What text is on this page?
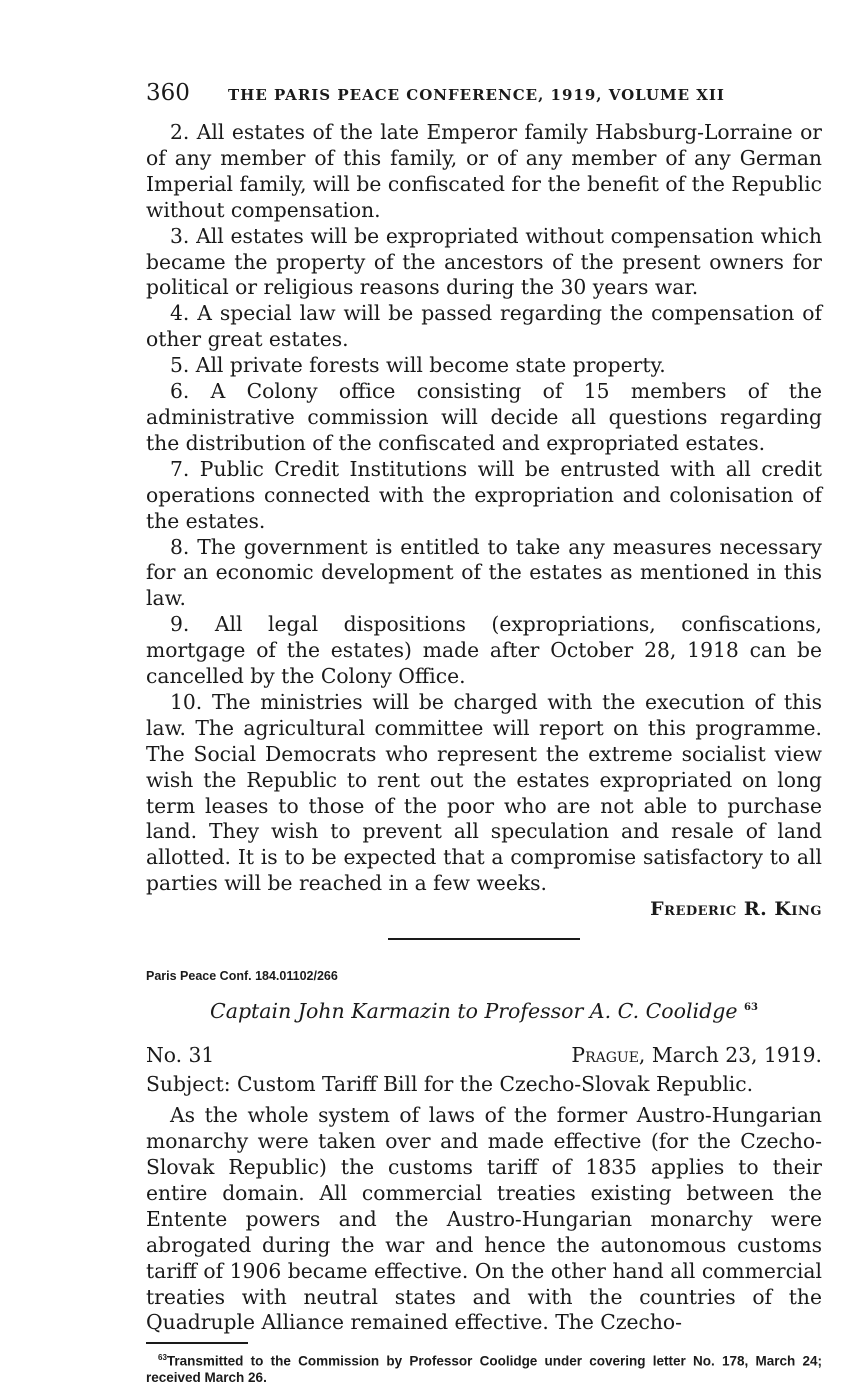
360	THE PARIS PEACE CONFERENCE, 1919, VOLUME XII

2. All estates of the late Emperor family Habsburg-Lorraine or of any member of this family, or of any member of any German Imperial family, will be confiscated for the benefit of the Republic without compensation.

3. All estates will be expropriated without compensation which became the property of the ancestors of the present owners for political or religious reasons during the 30 years war.

4. A special law will be passed regarding the compensation of other great estates.

5. All private forests will become state property.

6. A Colony office consisting of 15 members of the administrative commission will decide all questions regarding the distribution of the confiscated and expropriated estates.

7. Public Credit Institutions will be entrusted with all credit operations connected with the expropriation and colonisation of the estates.

8. The government is entitled to take any measures necessary for an economic development of the estates as mentioned in this law.

9. All legal dispositions (expropriations, confiscations, mortgage of the estates) made after October 28, 1918 can be cancelled by the Colony Office.

10. The ministries will be charged with the execution of this law. The agricultural committee will report on this programme. The Social Democrats who represent the extreme socialist view wish the Republic to rent out the estates expropriated on long term leases to those of the poor who are not able to purchase land. They wish to prevent all speculation and resale of land allotted. It is to be expected that a compromise satisfactory to all parties will be reached in a few weeks.

Frederic R. King
Paris Peace Conf. 184.01102/266
Captain John Karmazin to Professor A. C. Coolidge $^{63}$
No. 31	Prague, March 23, 1919.
Subject: Custom Tariff Bill for the Czecho-Slovak Republic.

As the whole system of laws of the former Austro-Hungarian monarchy were taken over and made effective (for the Czecho-Slovak Republic) the customs tariff of 1835 applies to their entire domain. All commercial treaties existing between the Entente powers and the Austro-Hungarian monarchy were abrogated during the war and hence the autonomous customs tariff of 1906 became effective. On the other hand all commercial treaties with neutral states and with the countries of the Quadruple Alliance remained effective. The Czecho-

$^{63}$Transmitted to the Commission by Professor Coolidge under covering letter No. 178, March 24; received March 26.
